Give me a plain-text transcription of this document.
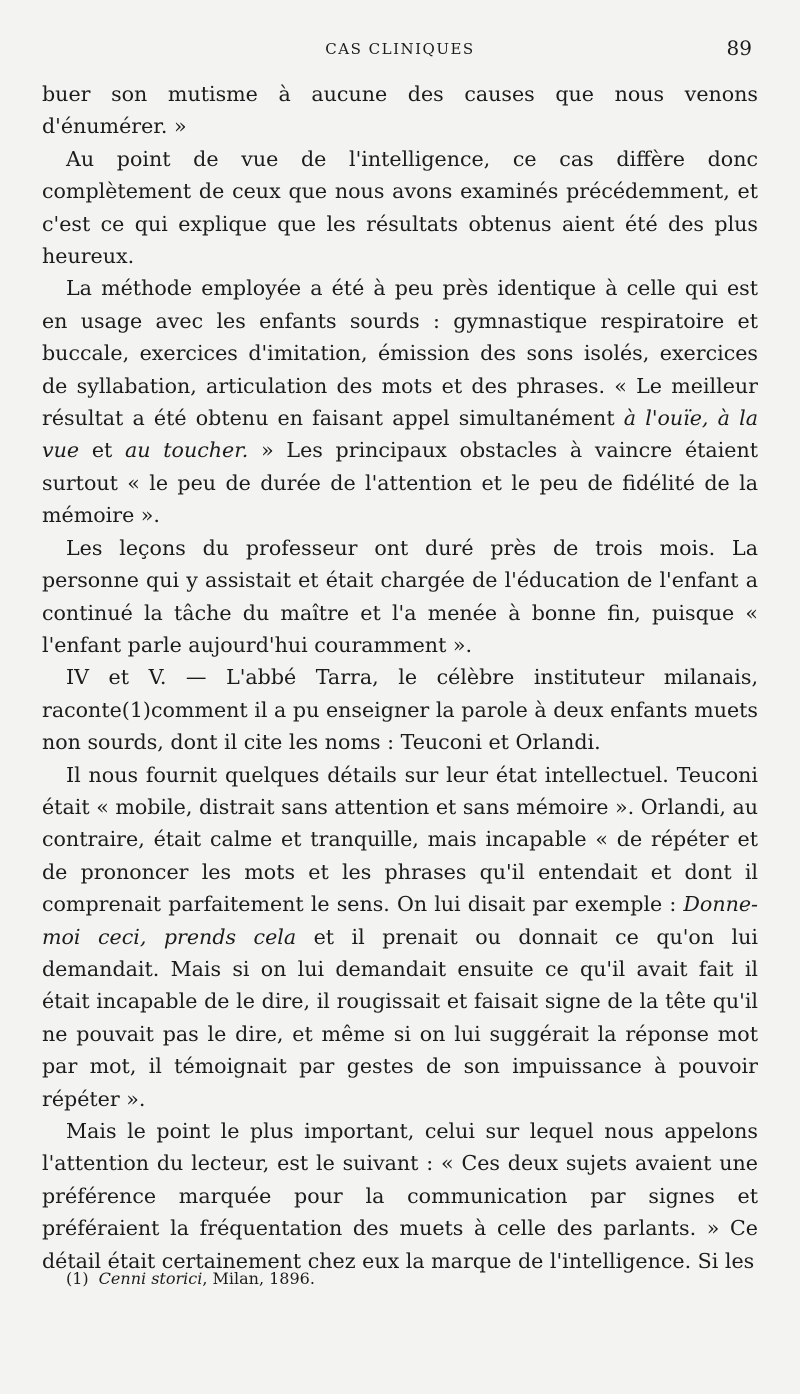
CAS CLINIQUES	89

buer son mutisme à aucune des causes que nous venons d'énumérer. »

Au point de vue de l'intelligence, ce cas diffère donc complètement de ceux que nous avons examinés précédemment, et c'est ce qui explique que les résultats obtenus aient été des plus heureux.

La méthode employée a été à peu près identique à celle qui est en usage avec les enfants sourds : gymnastique respiratoire et buccale, exercices d'imitation, émission des sons isolés, exercices de syllabation, articulation des mots et des phrases. « Le meilleur résultat a été obtenu en faisant appel simultanément à l'ouïe, à la vue et au toucher. » Les principaux obstacles à vaincre étaient surtout « le peu de durée de l'attention et le peu de fidélité de la mémoire ».

Les leçons du professeur ont duré près de trois mois. La personne qui y assistait et était chargée de l'éducation de l'enfant a continué la tâche du maître et l'a menée à bonne fin, puisque « l'enfant parle aujourd'hui couramment ».

IV et V. — L'abbé Tarra, le célèbre instituteur milanais, raconte(1)comment il a pu enseigner la parole à deux enfants muets non sourds, dont il cite les noms : Teuconi et Orlandi.

Il nous fournit quelques détails sur leur état intellectuel. Teuconi était « mobile, distrait sans attention et sans mémoire ». Orlandi, au contraire, était calme et tranquille, mais incapable « de répéter et de prononcer les mots et les phrases qu'il entendait et dont il comprenait parfaitement le sens. On lui disait par exemple : Donne-moi ceci, prends cela et il prenait ou donnait ce qu'on lui demandait. Mais si on lui demandait ensuite ce qu'il avait fait il était incapable de le dire, il rougissait et faisait signe de la tête qu'il ne pouvait pas le dire, et même si on lui suggérait la réponse mot par mot, il témoignait par gestes de son impuissance à pouvoir répéter ».

Mais le point le plus important, celui sur lequel nous appelons l'attention du lecteur, est le suivant : « Ces deux sujets avaient une préférence marquée pour la communication par signes et préféraient la fréquentation des muets à celle des parlants. » Ce détail était certainement chez eux la marque de l'intelligence. Si les

(1) Cenni storici, Milan, 1896.
